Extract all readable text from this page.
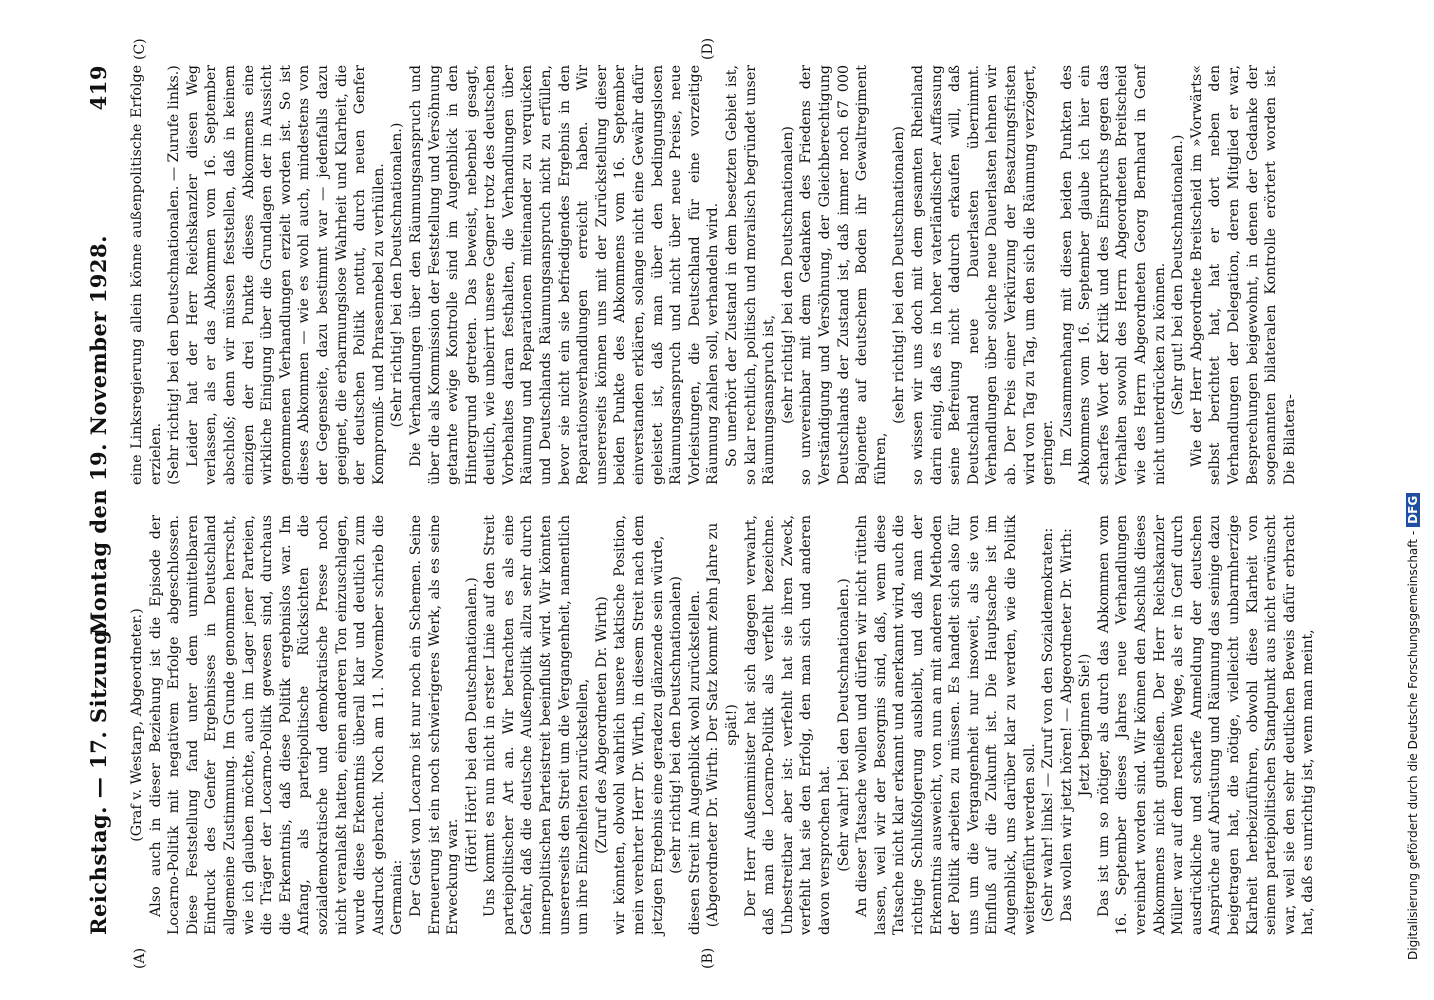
Reichstag. — 17. Sitzung.
Montag den 19. November 1928.
419
(A)	(B)
(C)	(D)

(Graf v. Westarp, Abgeordneter.) Also auch in dieser Beziehung ist die Episode der Locarno-Politik mit negativem Erfolge abgeschlossen. Diese Feststellung fand unter dem unmittelbaren Eindruck des Genfer Ergebnisses in Deutschland allgemeine Zustimmung. Im Grunde genommen herrscht, wie ich glauben möchte, auch im Lager jener Parteien, die Träger der Locarno-Politik gewesen sind, durchaus die Erkenntnis, daß diese Politik ergebnislos war. Im Anfang, als parteipolitische Rücksichten die sozialdemokratische und demokratische Presse noch nicht veranlaßt hatten, einen anderen Ton einzuschlagen, wurde diese Erkenntnis überall klar und deutlich zum Ausdruck gebracht. Noch am 11. November schrieb die Germania: Der Geist von Locarno ist nur noch ein Schemen. Seine Erneuerung ist ein noch schwierigeres Werk, als es seine Erweckung war.

(Hört! Hört! bei den Deutschnationalen.) Uns kommt es nun nicht in erster Linie auf den Streit parteipolitischer Art an. Wir betrachten es als eine Gefahr, daß die deutsche Außenpolitik allzu sehr durch innerpolitischen Parteistreit beeinflußt wird. Wir könnten unsererseits den Streit um die Vergangenheit, namentlich um ihre Einzelheiten zurückstellen, (Zuruf des Abgeordneten Dr. Wirth) wir könnten, obwohl wahrlich unsere taktische Position, mein verehrter Herr Dr. Wirth, in diesem Streit nach dem jetzigen Ergebnis eine geradezu glänzende sein würde, (sehr richtig! bei den Deutschnationalen) diesen Streit im Augenblick wohl zurückstellen. (Abgeordneter Dr. Wirth: Der Satz kommt zehn Jahre zu spät!) Der Herr Außenminister hat sich dagegen verwahrt, daß man die Locarno-Politik als verfehlt bezeichne. Unbestreitbar aber ist: verfehlt hat sie ihren Zweck, verfehlt hat sie den Erfolg, den man sich und anderen davon versprochen hat. (Sehr wahr! bei den Deutschnationalen.) An dieser Tatsache wollen und dürfen wir nicht rütteln lassen, weil wir der Besorgnis sind, daß, wenn diese Tatsache nicht klar erkannt und anerkannt wird, auch die richtige Schlußfolgerung ausbleibt, und daß man der Erkenntnis ausweicht, von nun an mit anderen Methoden der Politik arbeiten zu müssen. Es handelt sich also für uns um die Vergangenheit nur insoweit, als sie von Einfluß auf die Zukunft ist. Die Hauptsache ist im Augenblick, uns darüber klar zu werden, wie die Politik weitergeführt werden soll. (Sehr wahr! links! — Zuruf von den Sozialdemokraten: Das wollen wir jetzt hören! — Abgeordneter Dr. Wirth: Jetzt beginnen Sie!) Das ist um so nötiger, als durch das Abkommen vom 16. September dieses Jahres neue Verhandlungen vereinbart worden sind. Wir können den Abschluß dieses Abkommens nicht gutheißen. Der Herr Reichskanzler Müller war auf dem rechten Wege, als er in Genf durch ausdrückliche und scharfe Anmeldung der deutschen Ansprüche auf Abrüstung und Räumung das seinige dazu beigetragen hat, die nötige, vielleicht unbarmherzige Klarheit herbeizuführen, obwohl diese Klarheit von seinem parteipolitischen Standpunkt aus nicht erwünscht war, weil sie den sehr deutlichen Beweis dafür erbracht hat, daß es unrichtig ist, wenn man meint,

eine Linksregierung allein könne außenpolitische Erfolge erzielen. (Sehr richtig! bei den Deutschnationalen. — Zurufe links.) Leider hat der Herr Reichskanzler diesen Weg verlassen, als er das Abkommen vom 16. September abschloß; denn wir müssen feststellen, daß in keinem einzigen der drei Punkte dieses Abkommens eine wirkliche Einigung über die Grundlagen der in Aussicht genommenen Verhandlungen erzielt worden ist. So ist dieses Abkommen — wie es wohl auch, mindestens von der Gegenseite, dazu bestimmt war — jedenfalls dazu geeignet, die erbarmungslose Wahrheit und Klarheit, die der deutschen Politik nottut, durch neuen Genfer Kompromiß- und Phrasennebel zu verhüllen. (Sehr richtig! bei den Deutschnationalen.) Die Verhandlungen über den Räumungsanspruch und über die als Kommission der Feststellung und Versöhnung getarnte ewige Kontrolle sind im Augenblick in den Hintergrund getreten. Das beweist, nebenbei gesagt, deutlich, wie unbeirrt unsere Gegner trotz des deutschen Vorbehaltes daran festhalten, die Verhandlungen über Räumung und Reparationen miteinander zu verquicken und Deutschlands Räumungsanspruch nicht zu erfüllen, bevor sie nicht ein sie befriedigendes Ergebnis in den Reparationsverhandlungen erreicht haben. Wir unsererseits können uns mit der Zurückstellung dieser beiden Punkte des Abkommens vom 16. September einverstanden erklären, solange nicht eine Gewähr dafür geleistet ist, daß man über den bedingungslosen Räumungsanspruch und nicht über neue Preise, neue Vorleistungen, die Deutschland für eine vorzeitige Räumung zahlen soll, verhandeln wird. So unerhört der Zustand in dem besetzten Gebiet ist, so klar rechtlich, politisch und moralisch begründet unser Räumungsanspruch ist, (sehr richtig! bei den Deutschnationalen) so unvereinbar mit dem Gedanken des Friedens der Verständigung und Versöhnung, der Gleichberechtigung Deutschlands der Zustand ist, daß immer noch 67 000 Bajonette auf deutschem Boden ihr Gewaltregiment führen,

(sehr richtig! bei den Deutschnationalen) so wissen wir uns doch mit dem gesamten Rheinland darin einig, daß es in hoher vaterländischer Auffassung seine Befreiung nicht dadurch erkaufen will, daß Deutschland neue Dauerlasten übernimmt. Verhandlungen über solche neue Dauerlasten lehnen wir ab. Der Preis einer Verkürzung der Besatzungsfristen wird von Tag zu Tag, um den sich die Räumung verzögert, geringer. Im Zusammenhang mit diesen beiden Punkten des Abkommens vom 16. September glaube ich hier ein scharfes Wort der Kritik und des Einspruchs gegen das Verhalten sowohl des Herrn Abgeordneten Breitscheid wie des Herrn Abgeordneten Georg Bernhard in Genf nicht unterdrücken zu können. (Sehr gut! bei den Deutschnationalen.) Wie der Herr Abgeordnete Breitscheid im »Vorwärts« selbst berichtet hat, hat er dort neben den Verhandlungen der Delegation, deren Mitglied er war, Besprechungen beigewohnt, in denen der Gedanke der sogenannten bilateralen Kontrolle erörtert worden ist. Die Bilatera-

Digitalisierung gefördert durch die Deutsche Forschungsgemeinschaft -DFG
